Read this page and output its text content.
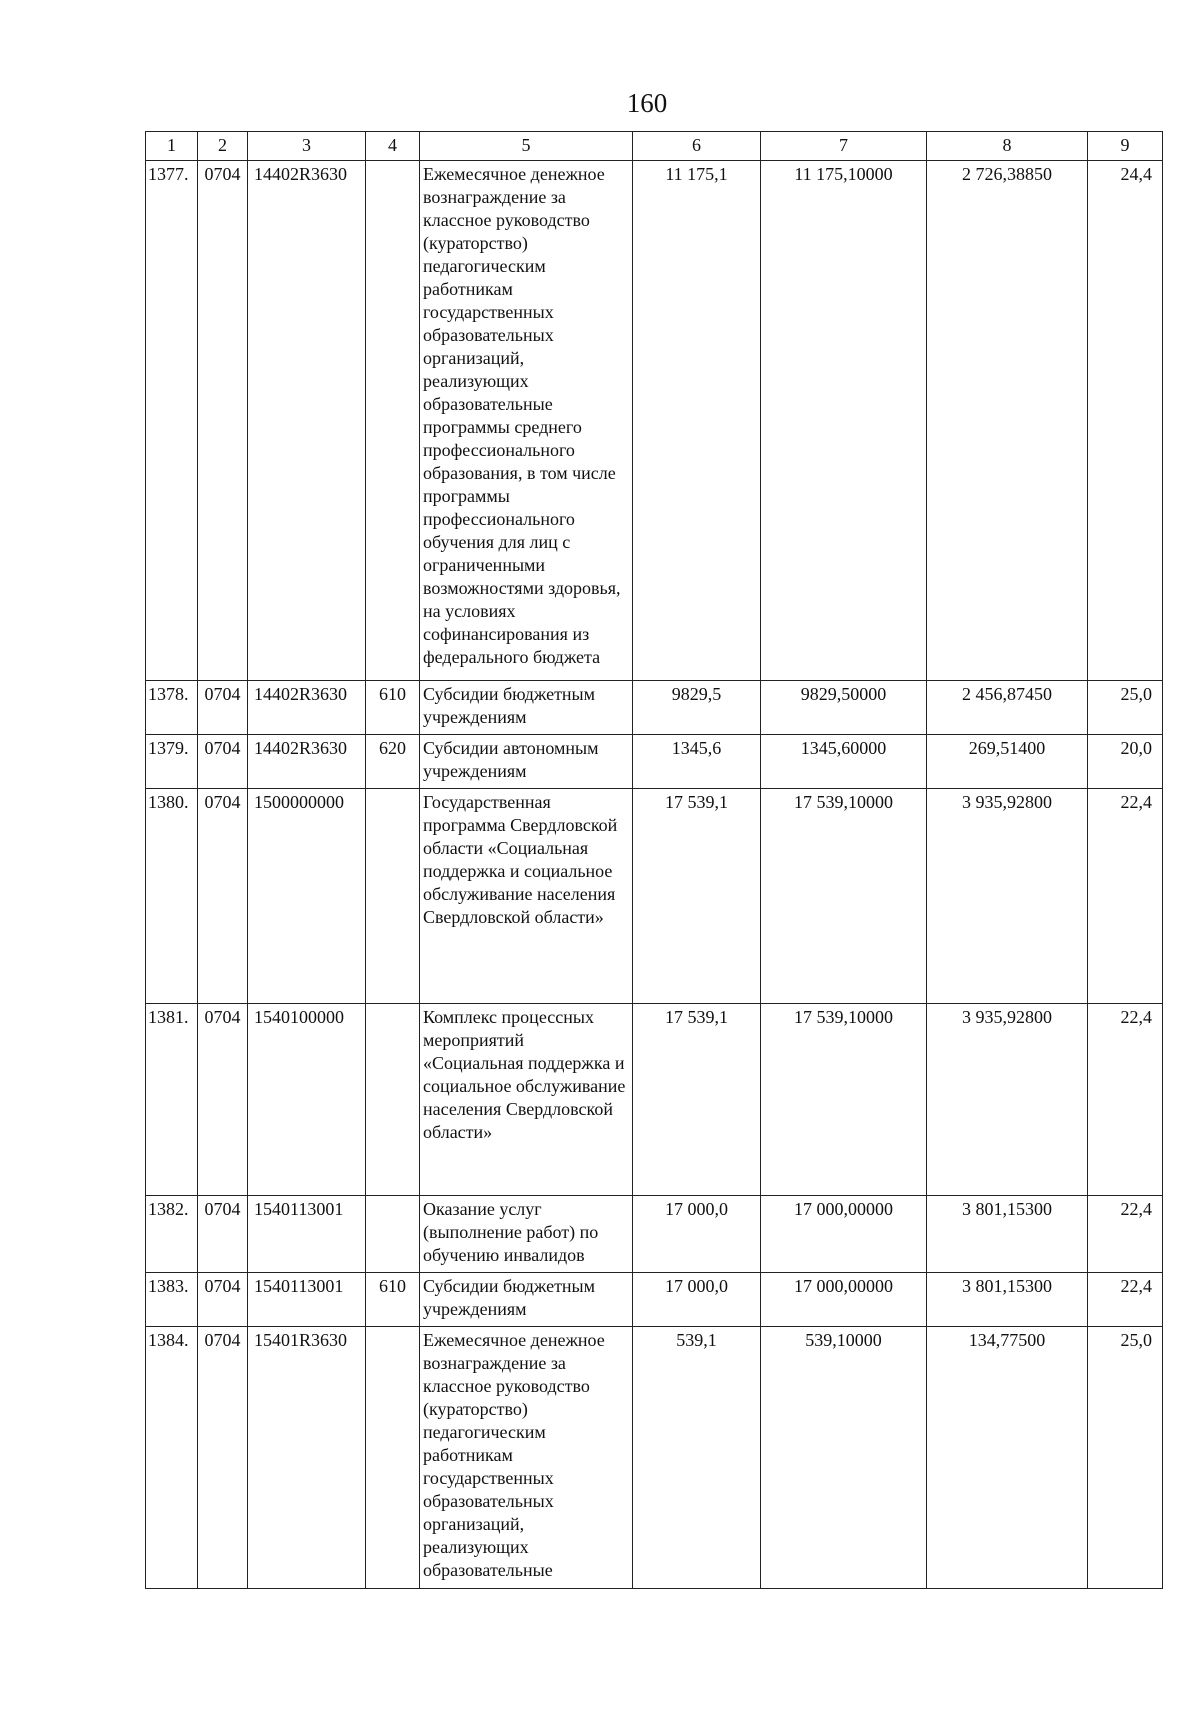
160
1	2	3	4	5	6	7	8	9
1377.	0704	14402R3630		Ежемесячное денежное вознаграждение за классное руководство (кураторство) педагогическим работникам государственных образовательных организаций, реализующих образовательные программы среднего профессионального образования, в том числе программы профессионального обучения для лиц с ограниченными возможностями здоровья, на условиях софинансирования из федерального бюджета	11 175,1	11 175,10000	2 726,38850	24,4
1378.	0704	14402R3630	610	Субсидии бюджетным учреждениям	9829,5	9829,50000	2 456,87450	25,0
1379.	0704	14402R3630	620	Субсидии автономным учреждениям	1345,6	1345,60000	269,51400	20,0
1380.	0704	1500000000		Государственная программа Свердловской области «Социальная поддержка и социальное обслуживание населения Свердловской области»	17 539,1	17 539,10000	3 935,92800	22,4
1381.	0704	1540100000		Комплекс процессных мероприятий «Социальная поддержка и социальное обслуживание населения Свердловской области»	17 539,1	17 539,10000	3 935,92800	22,4
1382.	0704	1540113001		Оказание услуг (выполнение работ) по обучению инвалидов	17 000,0	17 000,00000	3 801,15300	22,4
1383.	0704	1540113001	610	Субсидии бюджетным учреждениям	17 000,0	17 000,00000	3 801,15300	22,4
1384.	0704	15401R3630		Ежемесячное денежное вознаграждение за классное руководство (кураторство) педагогическим работникам государственных образовательных организаций, реализующих образовательные	539,1	539,10000	134,77500	25,0
